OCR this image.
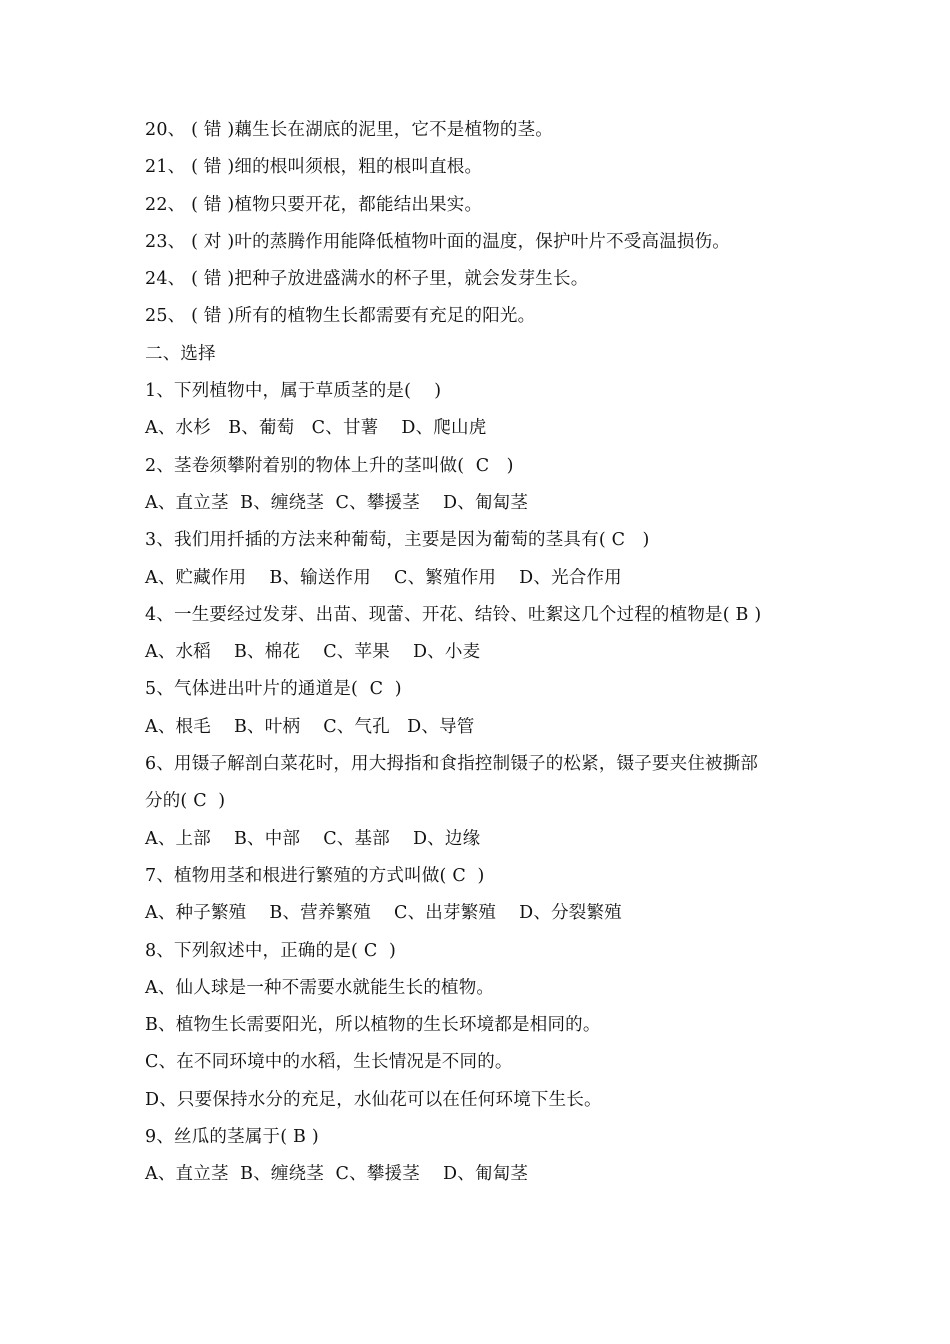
20、 ( 错 )藕生长在湖底的泥里，它不是植物的茎。
21、 ( 错 )细的根叫须根，粗的根叫直根。
22、 ( 错 )植物只要开花，都能结出果实。
23、 ( 对 )叶的蒸腾作用能降低植物叶面的温度，保护叶片不受高温损伤。
24、 ( 错 )把种子放进盛满水的杯子里，就会发芽生长。
25、 ( 错 )所有的植物生长都需要有充足的阳光。
二、选择
1、下列植物中，属于草质茎的是(    )
A、水杉   B、葡萄   C、甘薯    D、爬山虎
2、茎卷须攀附着别的物体上升的茎叫做(  C   )
A、直立茎  B、缠绕茎  C、攀援茎    D、匍匐茎
3、我们用扦插的方法来种葡萄，主要是因为葡萄的茎具有( C   )
A、贮藏作用    B、输送作用    C、繁殖作用    D、光合作用
4、一生要经过发芽、出苗、现蕾、开花、结铃、吐絮这几个过程的植物是( B )
A、水稻    B、棉花    C、苹果    D、小麦
5、气体进出叶片的通道是(  C  )
A、根毛    B、叶柄    C、气孔   D、导管
6、用镊子解剖白菜花时，用大拇指和食指控制镊子的松紧，镊子要夹住被撕部
分的( C  )
A、上部    B、中部    C、基部    D、边缘
7、植物用茎和根进行繁殖的方式叫做( C  )
A、种子繁殖    B、营养繁殖    C、出芽繁殖    D、分裂繁殖
8、下列叙述中，正确的是( C  )
A、仙人球是一种不需要水就能生长的植物。
B、植物生长需要阳光，所以植物的生长环境都是相同的。
C、在不同环境中的水稻，生长情况是不同的。
D、只要保持水分的充足，水仙花可以在任何环境下生长。
9、丝瓜的茎属于( B )
A、直立茎  B、缠绕茎  C、攀援茎    D、匍匐茎
